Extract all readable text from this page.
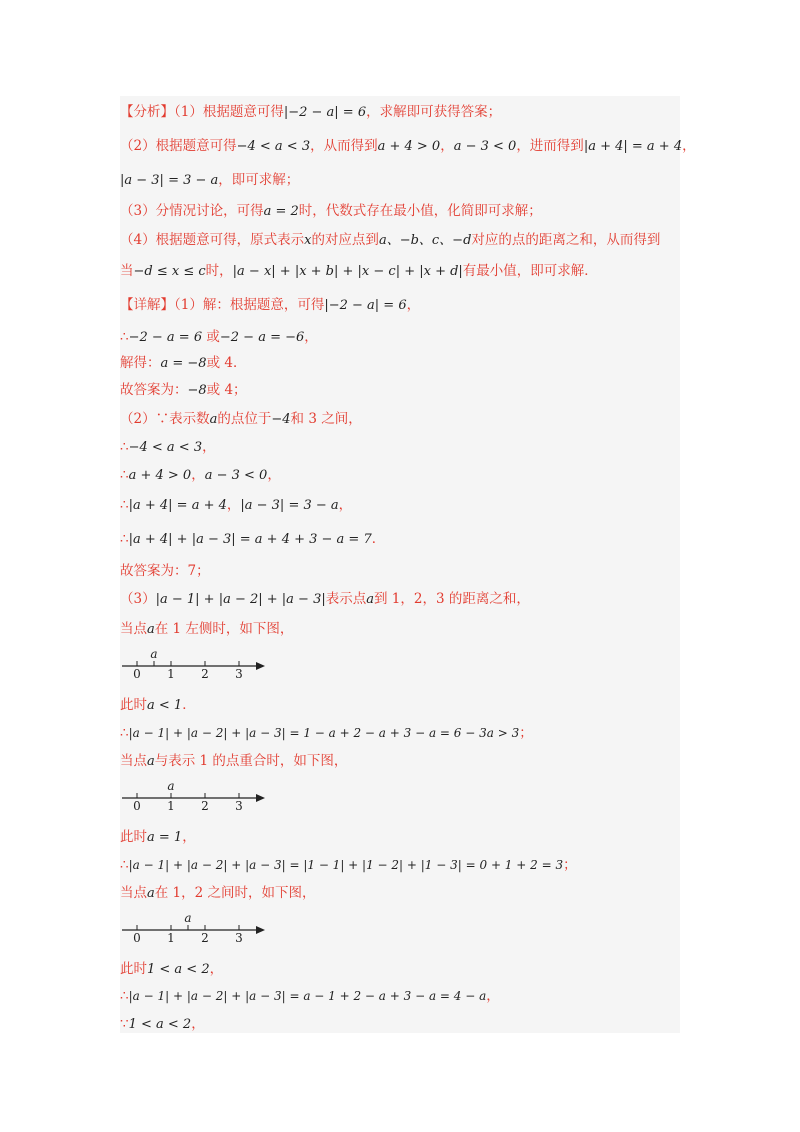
【分析】（1）根据题意可得|−2 − a| = 6，求解即可获得答案；
（2）根据题意可得−4 < a < 3，从而得到a + 4 > 0，a − 3 < 0，进而得到|a + 4| = a + 4，
|a − 3| = 3 − a，即可求解；
（3）分情况讨论，可得a = 2时，代数式存在最小值，化简即可求解；
（4）根据题意可得，原式表示x的对应点到a、−b、c、−d对应的点的距离之和，从而得到
当−d ≤ x ≤ c时，|a − x| + |x + b| + |x − c| + |x + d|有最小值，即可求解．
【详解】（1）解：根据题意，可得|−2 − a| = 6，
∴−2 − a = 6 或−2 − a = −6，
解得：a = −8或 4．
故答案为：−8或 4；
（2）∵表示数a的点位于−4和 3 之间，
∴−4 < a < 3，
∴a + 4 > 0，a − 3 < 0，
∴|a + 4| = a + 4，|a − 3| = 3 − a，
∴|a + 4| + |a − 3| = a + 4 + 3 − a = 7．
故答案为：7；
（3）|a − 1| + |a − 2| + |a − 3|表示点a到 1，2，3 的距离之和，
当点a在 1 左侧时，如下图，
0 1 2 3
a
此时a < 1．
∴|a − 1| + |a − 2| + |a − 3| = 1 − a + 2 − a + 3 − a = 6 − 3a > 3；
当点a与表示 1 的点重合时，如下图，
0 1 2 3
a
此时a = 1，
∴|a − 1| + |a − 2| + |a − 3| = |1 − 1| + |1 − 2| + |1 − 3| = 0 + 1 + 2 = 3；
当点a在 1，2 之间时，如下图，
0 1 2 3
a
此时1 < a < 2，
∴|a − 1| + |a − 2| + |a − 3| = a − 1 + 2 − a + 3 − a = 4 − a，
∵1 < a < 2，
